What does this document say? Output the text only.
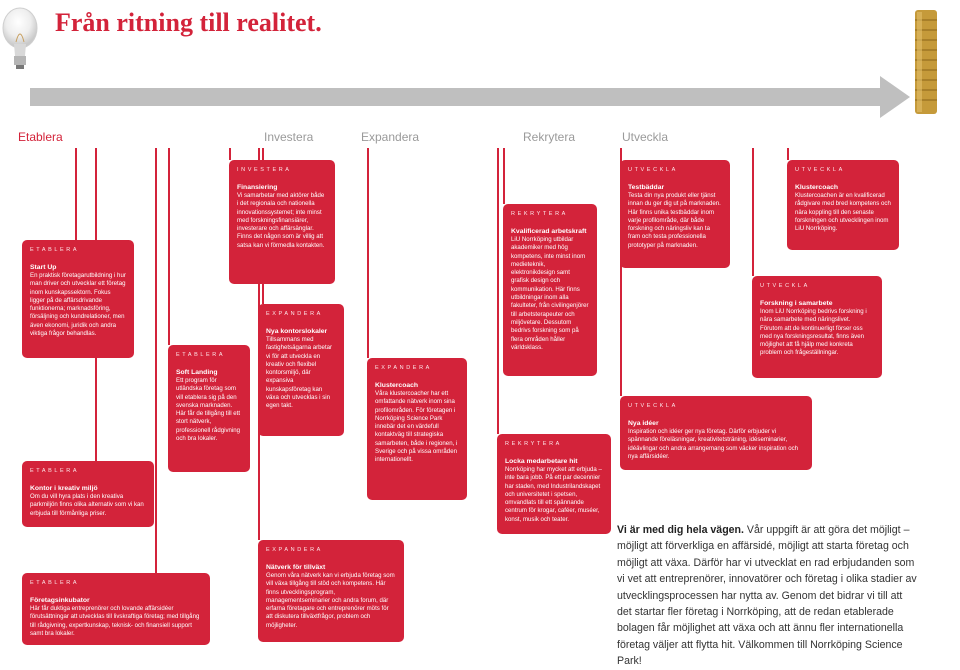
Från ritning till realitet.
Etablera	Investera	Expandera	Rekrytera	Utveckla
ETABLERA
Start Up
En praktisk företagarutbildning i hur man driver och utvecklar ett företag inom kunskapssektorn. Fokus ligger på de affärsdrivande funktionerna; marknadsföring, försäljning och kundrelationer, men även ekonomi, juridik och andra viktiga frågor behandlas.
ETABLERA
Kontor i kreativ miljö
Om du vill hyra plats i den kreativa parkmiljön finns olika alternativ som vi kan erbjuda till förmånliga priser.
ETABLERA
Företagsinkubator
Här får duktiga entreprenörer och lovande affärsidéer förutsättningar att utvecklas till livskraftiga företag; med tillgång till rådgivning, expertkunskap, teknisk- och finansiell support samt bra lokaler.
ETABLERA
Soft Landing
Ett program för utländska företag som vill etablera sig på den svenska marknaden. Här får de tillgång till ett stort nätverk, professionell rådgivning och bra lokaler.
INVESTERA
Finansiering
Vi samarbetar med aktörer både i det regionala och nationella innovationssystemet; inte minst med forskningsfinansiärer, investerare och affärsänglar. Finns det någon som är villig att satsa kan vi förmedla kontakten.
EXPANDERA
Nya kontorslokaler
Tillsammans med fastighetsägarna arbetar vi för att utveckla en kreativ och flexibel kontorsmiljö, där expansiva kunskapsföretag kan växa och utvecklas i sin egen takt.
EXPANDERA
Nätverk för tillväxt
Genom våra nätverk kan vi erbjuda företag som vill växa tillgång till stöd och kompetens. Här finns utvecklingsprogram, managementseminarier och andra forum, där erfarna företagare och entreprenörer möts för att diskutera tillväxtfrågor, problem och möjligheter.
EXPANDERA
Klustercoach
Våra klustercoacher har ett omfattande nätverk inom sina profilområden. För företagen i Norrköping Science Park innebär det en värdefull kontaktväg till strategiska samarbeten, både i regionen, i Sverige och på vissa områden internationellt.
REKRYTERA
Kvalificerad arbetskraft
LiU Norrköping utbildar akademiker med hög kompetens, inte minst inom medieteknik, elektronikdesign samt grafisk design och kommunikation. Här finns utbildningar inom alla fakulteter, från civilingenjörer till arbetsterapeuter och miljövetare. Dessutom bedrivs forskning som på flera områden håller världsklass.
REKRYTERA
Locka medarbetare hit
Norrköping har mycket att erbjuda – inte bara jobb. På ett par decennier har staden, med Industrilandskapet och universitetet i spetsen, omvandlats till ett spännande centrum för krogar, caféer, muséer, konst, musik och teater.
UTVECKLA
Testbäddar
Testa din nya produkt eller tjänst innan du ger dig ut på marknaden. Här finns unika testbäddar inom varje profilområde, där både forskning och näringsliv kan ta fram och testa professionella prototyper på marknaden.
UTVECKLA
Klustercoach
Klustercoachen är en kvalificerad rådgivare med bred kompetens och nära koppling till den senaste forskningen och utvecklingen inom LiU Norrköping.
UTVECKLA
Forskning i samarbete
Inom LiU Norrköping bedrivs forskning i nära samarbete med näringslivet. Förutom att de kontinuerligt förser oss med nya forskningsresultat, finns även möjlighet att få hjälp med konkreta problem och frågeställningar.
UTVECKLA
Nya idéer
Inspiration och idéer ger nya företag. Därför erbjuder vi spännande föreläsningar, kreativitetsträning, idéseminarier, idéävlingar och andra arrangemang som väcker inspiration och nya affärsidéer.
Vi är med dig hela vägen. Vår uppgift är att göra det möjligt – möjligt att förverkliga en affärsidé, möjligt att starta företag och möjligt att växa. Därför har vi utvecklat en rad erbjudanden som vi vet att entreprenörer, innovatörer och företag i olika stadier av utvecklingsprocessen har nytta av. Genom det bidrar vi till att det startar fler företag i Norrköping, att de redan etablerade bolagen får möjlighet att växa och att ännu fler internationella företag väljer att flytta hit. Välkommen till Norrköping Science Park!
